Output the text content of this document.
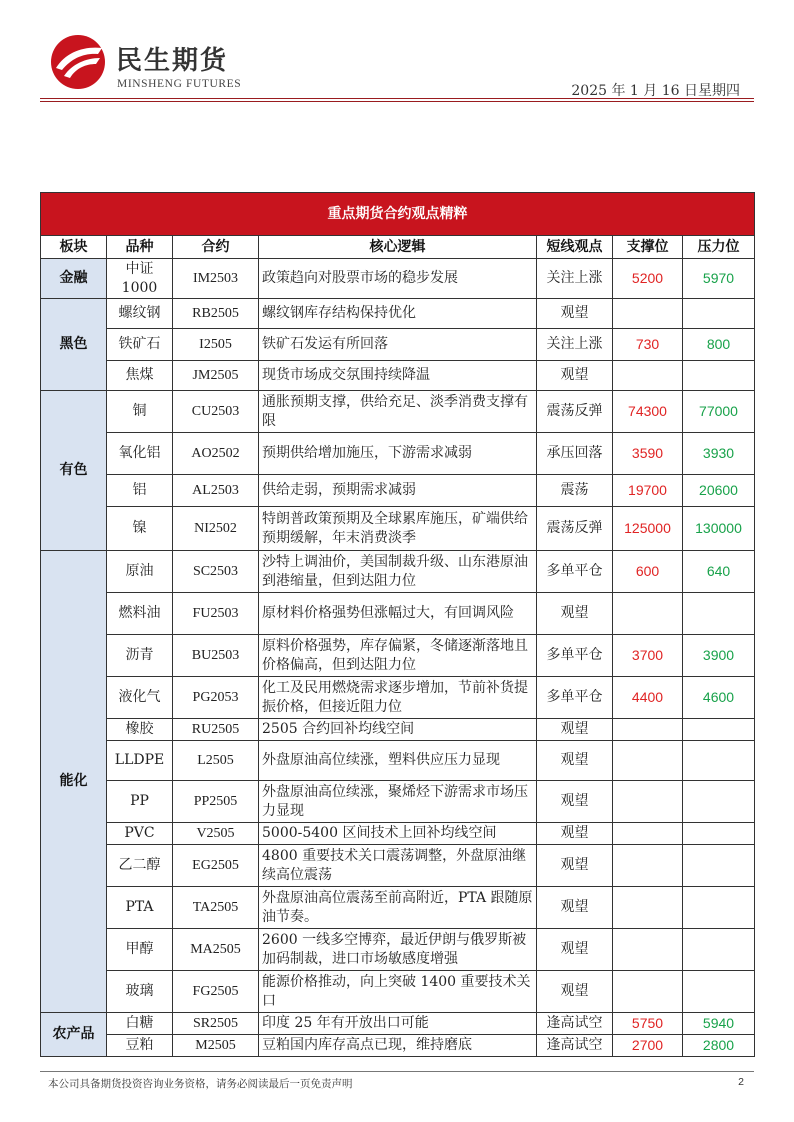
民生期货
MINSHENG FUTURES	2025 年 1 月 16 日星期四
重点期货合约观点精粹						
板块	品种	合约	核心逻辑	短线观点	支撑位	压力位
金融	中证1000	IM2503	政策趋向对股票市场的稳步发展	关注上涨	5200	5970
黑色	螺纹钢	RB2505	螺纹钢库存结构保持优化	观望		
	铁矿石	I2505	铁矿石发运有所回落	关注上涨	730	800
	焦煤	JM2505	现货市场成交氛围持续降温	观望		
有色	铜	CU2503	通胀预期支撑，供给充足、淡季消费支撑有限	震荡反弹	74300	77000
	氧化铝	AO2502	预期供给增加施压，下游需求减弱	承压回落	3590	3930
	铝	AL2503	供给走弱，预期需求减弱	震荡	19700	20600
	镍	NI2502	特朗普政策预期及全球累库施压，矿端供给预期缓解，年末消费淡季	震荡反弹	125000	130000
能化	原油	SC2503	沙特上调油价，美国制裁升级、山东港原油到港缩量，但到达阻力位	多单平仓	600	640
	燃料油	FU2503	原材料价格强势但涨幅过大，有回调风险	观望		
	沥青	BU2503	原料价格强势，库存偏紧，冬储逐渐落地且价格偏高，但到达阻力位	多单平仓	3700	3900
	液化气	PG2053	化工及民用燃烧需求逐步增加，节前补货提振价格，但接近阻力位	多单平仓	4400	4600
	橡胶	RU2505	2505 合约回补均线空间	观望		
	LLDPE	L2505	外盘原油高位续涨，塑料供应压力显现	观望		
	PP	PP2505	外盘原油高位续涨，聚烯烃下游需求市场压力显现	观望		
	PVC	V2505	5000-5400 区间技术上回补均线空间	观望		
	乙二醇	EG2505	4800 重要技术关口震荡调整，外盘原油继续高位震荡	观望		
	PTA	TA2505	外盘原油高位震荡至前高附近，PTA 跟随原油节奏。	观望		
	甲醇	MA2505	2600 一线多空博弈，最近伊朗与俄罗斯被加码制裁，进口市场敏感度增强	观望		
	玻璃	FG2505	能源价格推动，向上突破 1400 重要技术关口	观望		
农产品	白糖	SR2505	印度 25 年有开放出口可能	逢高试空	5750	5940
	豆粕	M2505	豆粕国内库存高点已现，维持磨底	逢高试空	2700	2800
本公司具备期货投资咨询业务资格，请务必阅读最后一页免责声明	2
